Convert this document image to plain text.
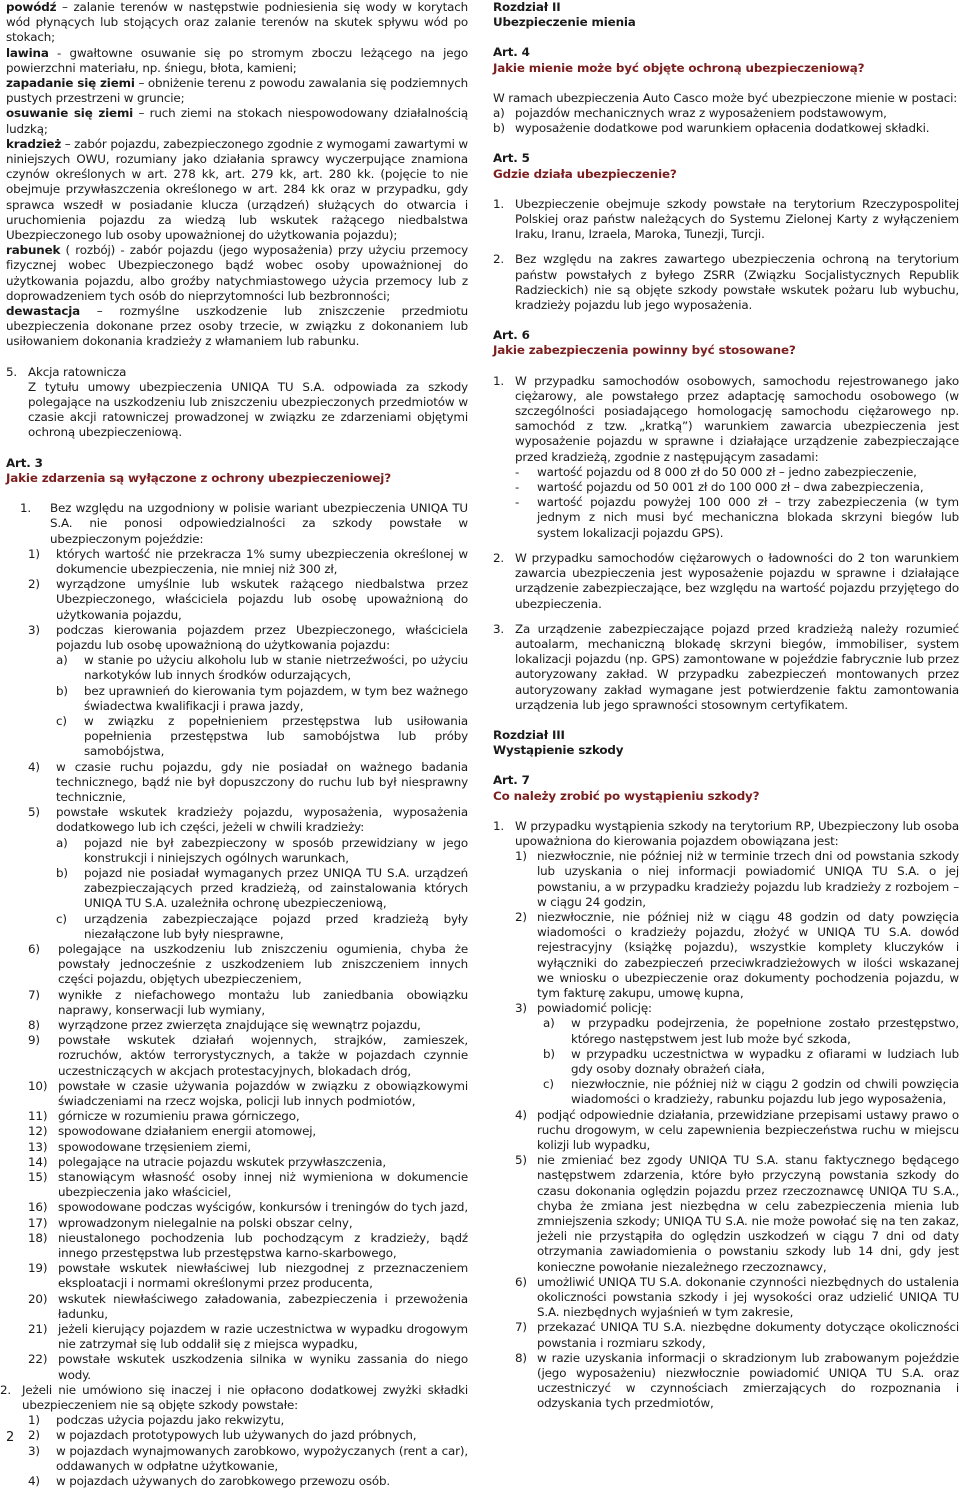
powódź – zalanie terenów w następstwie podniesienia się wody w korytach wód płynących lub stojących oraz zalanie terenów na skutek spływu wód po stokach;

lawina - gwałtowne osuwanie się po stromym zboczu leżącego na jego powierzchni materiału, np. śniegu, błota, kamieni;

zapadanie się ziemi – obniżenie terenu z powodu zawalania się podziemnych pustych przestrzeni w gruncie;

osuwanie się ziemi – ruch ziemi na stokach niespowodowany działalnością ludzką;

kradzież – zabór pojazdu, zabezpieczonego zgodnie z wymogami zawartymi w niniejszych OWU, rozumiany jako działania sprawcy wyczerpujące znamiona czynów określonych w art. 278 kk, art. 279 kk, art. 280 kk. (pojęcie to nie obejmuje przywłaszczenia określonego w art. 284 kk oraz w przypadku, gdy sprawca wszedł w posiadanie klucza (urządzeń) służących do otwarcia i uruchomienia pojazdu za wiedzą lub wskutek rażącego niedbalstwa Ubezpieczonego lub osoby upoważnionej do użytkowania pojazdu);

rabunek ( rozbój) - zabór pojazdu (jego wyposażenia) przy użyciu przemocy fizycznej wobec Ubezpieczonego bądź wobec osoby upoważnionej do użytkowania pojazdu, albo groźby natychmiastowego użycia przemocy lub z doprowadzeniem tych osób do nieprzytomności lub bezbronności;

dewastacja – rozmyślne uszkodzenie lub zniszczenie przedmiotu ubezpieczenia dokonane przez osoby trzecie, w związku z dokonaniem lub usiłowaniem dokonania kradzieży z włamaniem lub rabunku.

5. Akcja ratownicza

Z tytułu umowy ubezpieczenia UNIQA TU S.A. odpowiada za szkody polegające na uszkodzeniu lub zniszczeniu ubezpieczonych przedmiotów w czasie akcji ratowniczej prowadzonej w związku ze zdarzeniami objętymi ochroną ubezpieczeniową.

Art. 3
Jakie zdarzenia są wyłączone z ochrony ubezpieczeniowej?
1.	Bez względu na uzgodniony w polisie wariant ubezpieczenia UNIQA TU S.A. nie ponosi odpowiedzialności za szkody powstałe w ubezpieczonym pojeździe:
1)	których wartość nie przekracza 1% sumy ubezpieczenia określonej w dokumencie ubezpieczenia, nie mniej niż 300 zł,
2)	wyrządzone umyślnie lub wskutek rażącego niedbalstwa przez Ubezpieczonego, właściciela pojazdu lub osobę upoważnioną do użytkowania pojazdu,
3)	podczas kierowania pojazdem przez Ubezpieczonego, właściciela pojazdu lub osobę upoważnioną do użytkowania pojazdu:
a)	w stanie po użyciu alkoholu lub w stanie nietrzeźwości, po użyciu narkotyków lub innych środków odurzających,
b)	bez uprawnień do kierowania tym pojazdem, w tym bez ważnego świadectwa kwalifikacji i prawa jazdy,
c)	w związku z popełnieniem przestępstwa lub usiłowania popełnienia przestępstwa lub samobójstwa lub próby samobójstwa,
4)	w czasie ruchu pojazdu, gdy nie posiadał on ważnego badania technicznego, bądź nie był dopuszczony do ruchu lub był niesprawny technicznie,
5)	powstałe wskutek kradzieży pojazdu, wyposażenia, wyposażenia dodatkowego lub ich części, jeżeli w chwili kradzieży:
a)	pojazd nie był zabezpieczony w sposób przewidziany w jego konstrukcji i niniejszych ogólnych warunkach,
b)	pojazd nie posiadał wymaganych przez UNIQA TU S.A. urządzeń zabezpieczających przed kradzieżą, od zainstalowania których UNIQA TU S.A. uzależniła ochronę ubezpieczeniową,
c)	urządzenia zabezpieczające pojazd przed kradzieżą były niezałączone lub były niesprawne,
6)	polegające na uszkodzeniu lub zniszczeniu ogumienia, chyba że powstały jednocześnie z uszkodzeniem lub zniszczeniem innych części pojazdu, objętych ubezpieczeniem,
7)	wynikłe z niefachowego montażu lub zaniedbania obowiązku naprawy, konserwacji lub wymiany,
8)	wyrządzone przez zwierzęta znajdujące się wewnątrz pojazdu,
9)	powstałe wskutek działań wojennych, strajków, zamieszek, rozruchów, aktów terrorystycznych, a także w pojazdach czynnie uczestniczących w akcjach protestacyjnych, blokadach dróg,
10) powstałe w czasie używania pojazdów w związku z obowiązkowymi świadczeniami na rzecz wojska, policji lub innych podmiotów,
11) górnicze w rozumieniu prawa górniczego,
12) spowodowane działaniem energii atomowej,
13) spowodowane trzęsieniem ziemi,
14) polegające na utracie pojazdu wskutek przywłaszczenia,
15) stanowiącym własność osoby innej niż wymieniona w dokumencie ubezpieczenia jako właściciel,
16) spowodowane podczas wyścigów, konkursów i treningów do tych jazd,
17) wprowadzonym nielegalnie na polski obszar celny,
18) nieustalonego pochodzenia lub pochodzącym z kradzieży, bądź innego przestępstwa lub przestępstwa karno-skarbowego,
19) powstałe wskutek niewłaściwej lub niezgodnej z przeznaczeniem eksploatacji i normami określonymi przez producenta,
20) wskutek niewłaściwego załadowania, zabezpieczenia i przewożenia ładunku,
21) jeżeli kierujący pojazdem w razie uczestnictwa w wypadku drogowym nie zatrzymał się lub oddalił się z miejsca wypadku,
22) powstałe wskutek uszkodzenia silnika w wyniku zassania do niego wody.
2. Jeżeli nie umówiono się inaczej i nie opłacono dodatkowej zwyżki składki ubezpieczeniem nie są objęte szkody powstałe:
1)	podczas użycia pojazdu jako rekwizytu,
2)	w pojazdach prototypowych lub używanych do jazd próbnych,
3)	w pojazdach wynajmowanych zarobkowo, wypożyczanych (rent a car), oddawanych w odpłatne użytkowanie,
4)	w pojazdach używanych do zarobkowego przewozu osób.
Rozdział II
Ubezpieczenie mienia
Art. 4
Jakie mienie może być objęte ochroną ubezpieczeniową?

W ramach ubezpieczenia Auto Casco może być ubezpieczone mienie w postaci:

a) pojazdów mechanicznych wraz z wyposażeniem podstawowym,
b) wyposażenie dodatkowe pod warunkiem opłacenia dodatkowej składki.
Art. 5
Gdzie działa ubezpieczenie?
1. Ubezpieczenie obejmuje szkody powstałe na terytorium Rzeczypospolitej Polskiej oraz państw należących do Systemu Zielonej Karty z wyłączeniem Iraku, Iranu, Izraela, Maroka, Tunezji, Turcji.
2. Bez względu na zakres zawartego ubezpieczenia ochroną na terytorium państw powstałych z byłego ZSRR (Związku Socjalistycznych Republik Radzieckich) nie są objęte szkody powstałe wskutek pożaru lub wybuchu, kradzieży pojazdu lub jego wyposażenia.
Art. 6
Jakie zabezpieczenia powinny być stosowane?
1. W przypadku samochodów osobowych, samochodu rejestrowanego jako ciężarowy, ale powstałego przez adaptację samochodu osobowego (w szczególności posiadającego homologację samochodu ciężarowego np. samochód z tzw. „kratką”) warunkiem zawarcia ubezpieczenia jest wyposażenie pojazdu w sprawne i działające urządzenie zabezpieczające przed kradzieżą, zgodnie z następującym zasadami:
-	wartość pojazdu od 8 000 zł do 50 000 zł – jedno zabezpieczenie,
-	wartość pojazdu od 50 001 zł do 100 000 zł – dwa zabezpieczenia,
-	wartość pojazdu powyżej 100 000 zł – trzy zabezpieczenia (w tym jednym z nich musi być mechaniczna blokada skrzyni biegów lub system lokalizacji pojazdu GPS).
2. W przypadku samochodów ciężarowych o ładowności do 2 ton warunkiem zawarcia ubezpieczenia jest wyposażenie pojazdu w sprawne i działające urządzenie zabezpieczające, bez względu na wartość pojazdu przyjętego do ubezpieczenia.
3. Za urządzenie zabezpieczające pojazd przed kradzieżą należy rozumieć autoalarm, mechaniczną blokadę skrzyni biegów, immobiliser, system lokalizacji pojazdu (np. GPS) zamontowane w pojeździe fabrycznie lub przez autoryzowany zakład. W przypadku zabezpieczeń montowanych przez autoryzowany zakład wymagane jest potwierdzenie faktu zamontowania urządzenia lub jego sprawności stosownym certyfikatem.
Rozdział III
Wystąpienie szkody
Art. 7
Co należy zrobić po wystąpieniu szkody?
1. W przypadku wystąpienia szkody na terytorium RP, Ubezpieczony lub osoba upoważniona do kierowania pojazdem obowiązana jest:
1) niezwłocznie, nie później niż w terminie trzech dni od powstania szkody lub uzyskania o niej informacji powiadomić UNIQA TU S.A. o jej powstaniu, a w przypadku kradzieży pojazdu lub kradzieży z rozbojem – w ciągu 24 godzin,
2) niezwłocznie, nie później niż w ciągu 48 godzin od daty powzięcia wiadomości o kradzieży pojazdu, złożyć w UNIQA TU S.A. dowód rejestracyjny (książkę pojazdu), wszystkie komplety kluczyków i wyłączniki do zabezpieczeń przeciwkradzieżowych w ilości wskazanej we wniosku o ubezpieczenie oraz dokumenty pochodzenia pojazdu, w tym fakturę zakupu, umowę kupna,
3) powiadomić policję:
a)	w przypadku podejrzenia, że popełnione zostało przestępstwo, którego następstwem jest lub może być szkoda,
b)	w przypadku uczestnictwa w wypadku z ofiarami w ludziach lub gdy osoby doznały obrażeń ciała,
c)	niezwłocznie, nie później niż w ciągu 2 godzin od chwili powzięcia wiadomości o kradzieży, rabunku pojazdu lub jego wyposażenia,
4) podjąć odpowiednie działania, przewidziane przepisami ustawy prawo o ruchu drogowym, w celu zapewnienia bezpieczeństwa ruchu w miejscu kolizji lub wypadku,
5) nie zmieniać bez zgody UNIQA TU S.A. stanu faktycznego będącego następstwem zdarzenia, które było przyczyną powstania szkody do czasu dokonania oględzin pojazdu przez rzeczoznawcę UNIQA TU S.A., chyba że zmiana jest niezbędna w celu zabezpieczenia mienia lub zmniejszenia szkody; UNIQA TU S.A. nie może powołać się na ten zakaz, jeżeli nie przystąpiła do oględzin uszkodzeń w ciągu 7 dni od daty otrzymania zawiadomienia o powstaniu szkody lub 14 dni, gdy jest konieczne powołanie niezależnego rzeczoznawcy,
6) umożliwić UNIQA TU S.A. dokonanie czynności niezbędnych do ustalenia okoliczności powstania szkody i jej wysokości oraz udzielić UNIQA TU S.A. niezbędnych wyjaśnień w tym zakresie,
7) przekazać UNIQA TU S.A. niezbędne dokumenty dotyczące okoliczności powstania i rozmiaru szkody,
8) w razie uzyskania informacji o skradzionym lub zrabowanym pojeździe (jego wyposażeniu) niezwłocznie powiadomić UNIQA TU S.A. oraz uczestniczyć w czynnościach zmierzających do rozpoznania i odzyskania tych przedmiotów,
2
